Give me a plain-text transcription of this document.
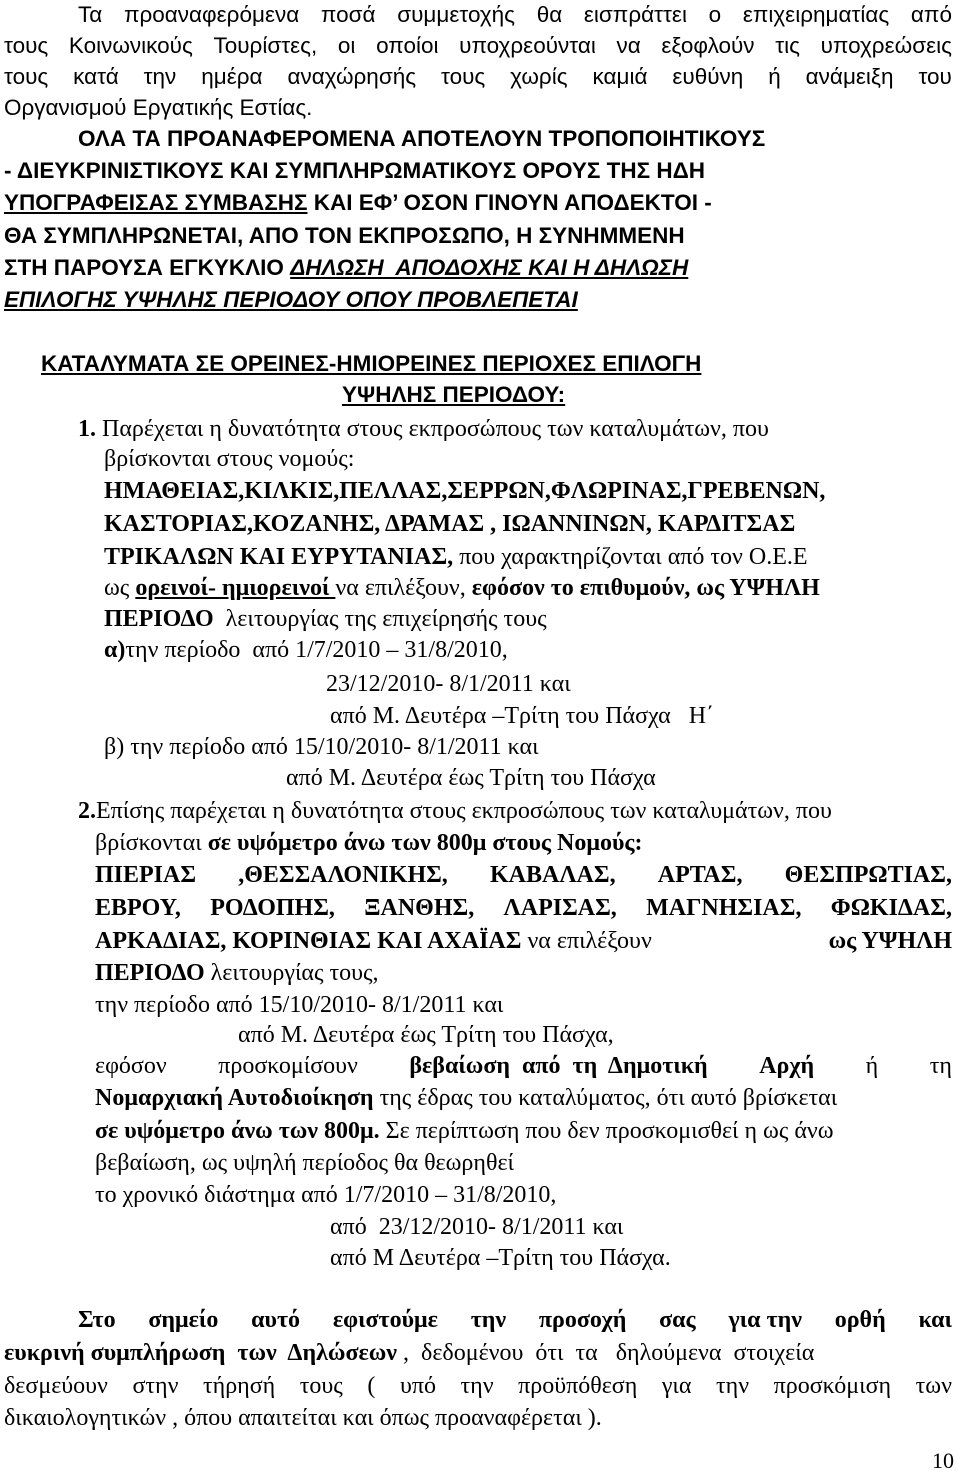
Τα προαναφερόμενα ποσά συμμετοχής θα εισπράττει ο επιχειρηματίας από
τους Κοινωνικούς Τουρίστες, οι οποίοι υποχρεούνται να εξοφλούν τις υποχρεώσεις
τους κατά την ημέρα αναχώρησής τους χωρίς καμιά ευθύνη ή ανάμειξη του
Οργανισμού Εργατικής Εστίας.
ΟΛΑ ΤΑ ΠΡΟΑΝΑΦΕΡΟΜΕΝΑ ΑΠΟΤΕΛΟΥΝ ΤΡΟΠΟΠΟΙΗΤΙΚΟΥΣ
- ΔΙΕΥΚΡΙΝΙΣΤΙΚΟΥΣ ΚΑΙ ΣΥΜΠΛΗΡΩΜΑΤΙΚΟΥΣ ΟΡΟΥΣ ΤΗΣ ΗΔΗ
ΥΠΟΓΡΑΦΕΙΣΑΣ ΣΥΜΒΑΣΗΣ ΚΑΙ ΕΦ’ ΟΣΟΝ ΓΙΝΟΥΝ ΑΠΟΔΕΚΤΟΙ -
ΘΑ ΣΥΜΠΛΗΡΩΝΕΤΑΙ, ΑΠΟ ΤΟΝ ΕΚΠΡΟΣΩΠΟ, Η ΣΥΝΗΜΜΕΝΗ
ΣΤΗ ΠΑΡΟΥΣΑ ΕΓΚΥΚΛΙΟ ΔΗΛΩΣΗ  ΑΠΟΔΟΧΗΣ ΚΑΙ Η ΔΗΛΩΣΗ
ΕΠΙΛΟΓΗΣ ΥΨΗΛΗΣ ΠΕΡΙΟΔΟΥ ΟΠΟΥ ΠΡΟΒΛΕΠΕΤΑΙ
ΚΑΤΑΛΥΜΑΤΑ ΣΕ ΟΡΕΙΝΕΣ-ΗΜΙΟΡΕΙΝΕΣ ΠΕΡΙΟΧΕΣ ΕΠΙΛΟΓΗ
ΥΨΗΛΗΣ ΠΕΡΙΟΔΟΥ:
1. Παρέχεται η δυνατότητα στους εκπροσώπους των καταλυμάτων, που
βρίσκονται στους νομούς:
ΗΜΑΘΕΙΑΣ,ΚΙΛΚΙΣ,ΠΕΛΛΑΣ,ΣΕΡΡΩΝ,ΦΛΩΡΙΝΑΣ,ΓΡΕΒΕΝΩΝ,
ΚΑΣΤΟΡΙΑΣ,ΚΟΖΑΝΗΣ, ΔΡΑΜΑΣ , ΙΩΑΝΝΙΝΩΝ, ΚΑΡΔΙΤΣΑΣ
ΤΡΙΚΑΛΩΝ ΚΑΙ ΕΥΡΥΤΑΝΙΑΣ, που χαρακτηρίζονται από τον Ο.Ε.Ε
ως ορεινοί- ημιορεινοί να επιλέξουν, εφόσον το επιθυμούν, ως ΥΨΗΛΗ
ΠΕΡΙΟΔΟ  λειτουργίας της επιχείρησής τους
α)την περίοδο  από 1/7/2010 – 31/8/2010,
23/12/2010- 8/1/2011 και
από Μ. Δευτέρα –Τρίτη του Πάσχα   Η΄
β) την περίοδο από 15/10/2010- 8/1/2011 και
από Μ. Δευτέρα έως Τρίτη του Πάσχα
2.Επίσης παρέχεται η δυνατότητα στους εκπροσώπους των καταλυμάτων, που
βρίσκονται σε υψόμετρο άνω των 800μ στους Νομούς:
ΠΙΕΡΙΑΣ ,ΘΕΣΣΑΛΟΝΙΚΗΣ, ΚΑΒΑΛΑΣ, ΑΡΤΑΣ, ΘΕΣΠΡΩΤΙΑΣ,
ΕΒΡΟΥ, ΡΟΔΟΠΗΣ, ΞΑΝΘΗΣ, ΛΑΡΙΣΑΣ, ΜΑΓΝΗΣΙΑΣ, ΦΩΚΙΔΑΣ,
ΑΡΚΑΔΙΑΣ, ΚΟΡΙΝΘΙΑΣ ΚΑΙ ΑΧΑΪΑΣ να επιλέξουν	ως ΥΨΗΛΗ
ΠΕΡΙΟΔΟ λειτουργίας τους,
την περίοδο από 15/10/2010- 8/1/2011 και
από Μ. Δευτέρα έως Τρίτη του Πάσχα,
εφόσον προσκομίσουν βεβαίωση  από  τη  Δημοτική Αρχή ή τη
Νομαρχιακή Αυτοδιοίκηση της έδρας του καταλύματος, ότι αυτό βρίσκεται
σε υψόμετρο άνω των 800μ. Σε περίπτωση που δεν προσκομισθεί η ως άνω
βεβαίωση, ως υψηλή περίοδος θα θεωρηθεί
το χρονικό διάστημα από 1/7/2010 – 31/8/2010,
από  23/12/2010- 8/1/2011 και
από Μ Δευτέρα –Τρίτη του Πάσχα.
Στο σημείο αυτό εφιστούμε την προσοχή σας για την ορθή και
ευκρινή συμπλήρωση  των  Δηλώσεων ,  δεδομένου  ότι  τα   δηλούμενα  στοιχεία
δεσμεύουν στην τήρησή τους ( υπό την προϋπόθεση για την προσκόμιση των
δικαιολογητικών , όπου απαιτείται και όπως προαναφέρεται ).
10
